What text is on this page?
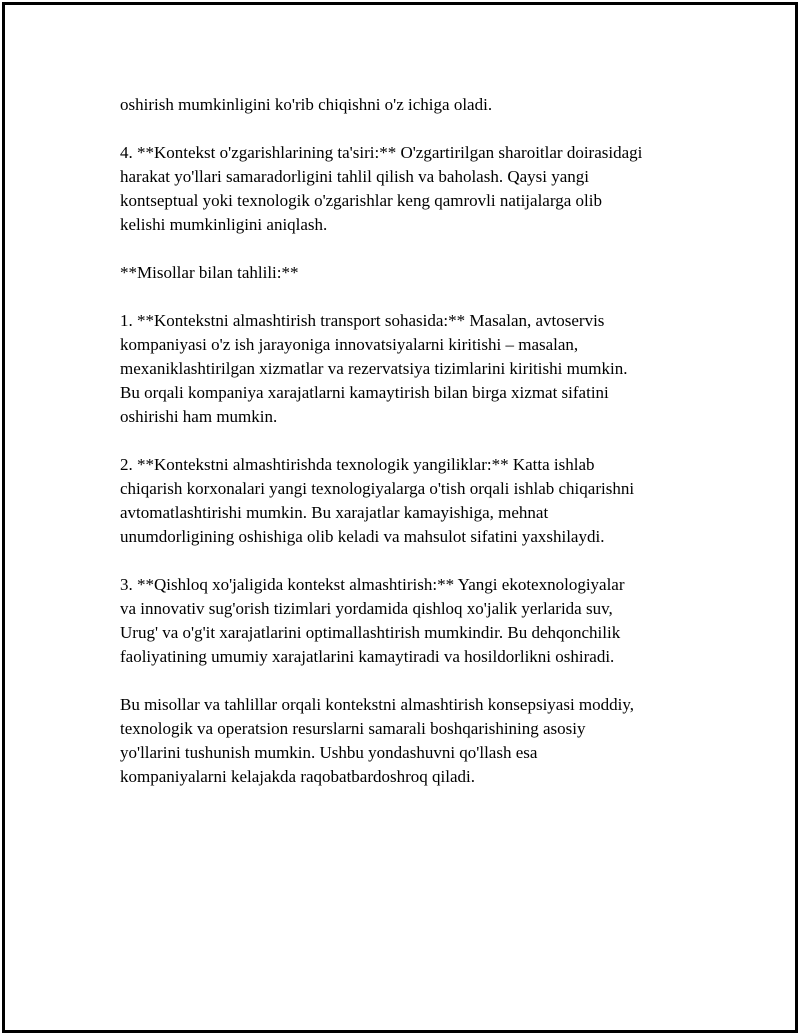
oshirish mumkinligini ko'rib chiqishni o'z ichiga oladi.

4. **Kontekst o'zgarishlarining ta'siri:** O'zgartirilgan sharoitlar doirasidagi
harakat yo'llari samaradorligini tahlil qilish va baholash. Qaysi yangi
kontseptual yoki texnologik o'zgarishlar keng qamrovli natijalarga olib
kelishi mumkinligini aniqlash.

**Misollar bilan tahlili:**

1. **Kontekstni almashtirish transport sohasida:** Masalan, avtoservis
kompaniyasi o'z ish jarayoniga innovatsiyalarni kiritishi – masalan,
mexaniklashtirilgan xizmatlar va rezervatsiya tizimlarini kiritishi mumkin.
Bu orqali kompaniya xarajatlarni kamaytirish bilan birga xizmat sifatini
oshirishi ham mumkin.

2. **Kontekstni almashtirishda texnologik yangiliklar:** Katta ishlab
chiqarish korxonalari yangi texnologiyalarga o'tish orqali ishlab chiqarishni
avtomatlashtirishi mumkin. Bu xarajatlar kamayishiga, mehnat
unumdorligining oshishiga olib keladi va mahsulot sifatini yaxshilaydi.

3. **Qishloq xo'jaligida kontekst almashtirish:** Yangi ekotexnologiyalar
va innovativ sug'orish tizimlari yordamida qishloq xo'jalik yerlarida suv,
Urug' va o'g'it xarajatlarini optimallashtirish mumkindir. Bu dehqonchilik
faoliyatining umumiy xarajatlarini kamaytiradi va hosildorlikni oshiradi.

Bu misollar va tahlillar orqali kontekstni almashtirish konsepsiyasi moddiy,
texnologik va operatsion resurslarni samarali boshqarishining asosiy
yo'llarini tushunish mumkin. Ushbu yondashuvni qo'llash esa
kompaniyalarni kelajakda raqobatbardoshroq qiladi.
